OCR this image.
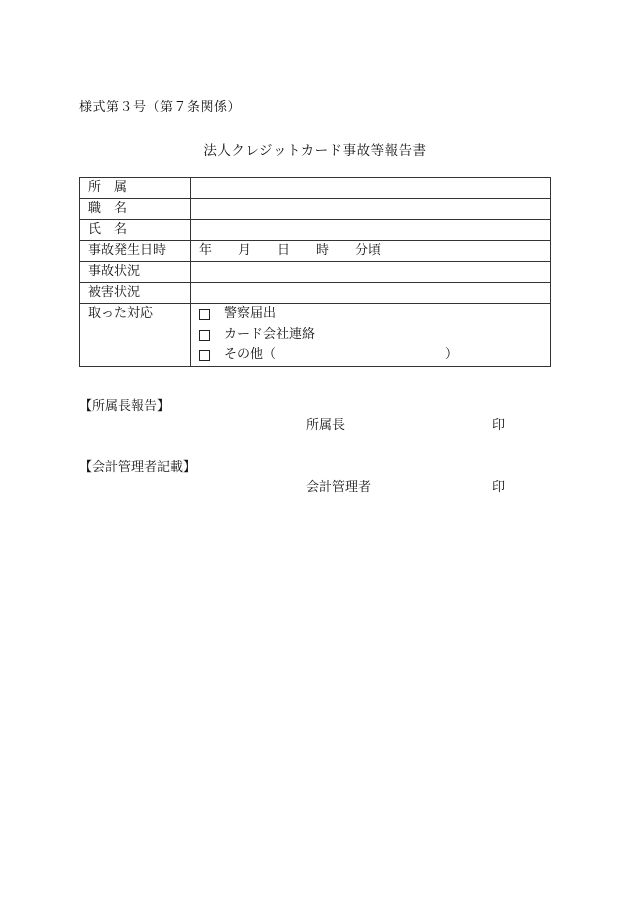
様式第３号（第７条関係）
法人クレジットカード事故等報告書
所　属	
職　名	
氏　名	
事故発生日時	年　　月　　日　　時　　分頃
事故状況	
被害状況	
取った対応	警察届出
カード会社連絡
その他（　　　　　　　　　　　　　）
【所属長報告】
所属長	印
【会計管理者記載】
会計管理者	印
